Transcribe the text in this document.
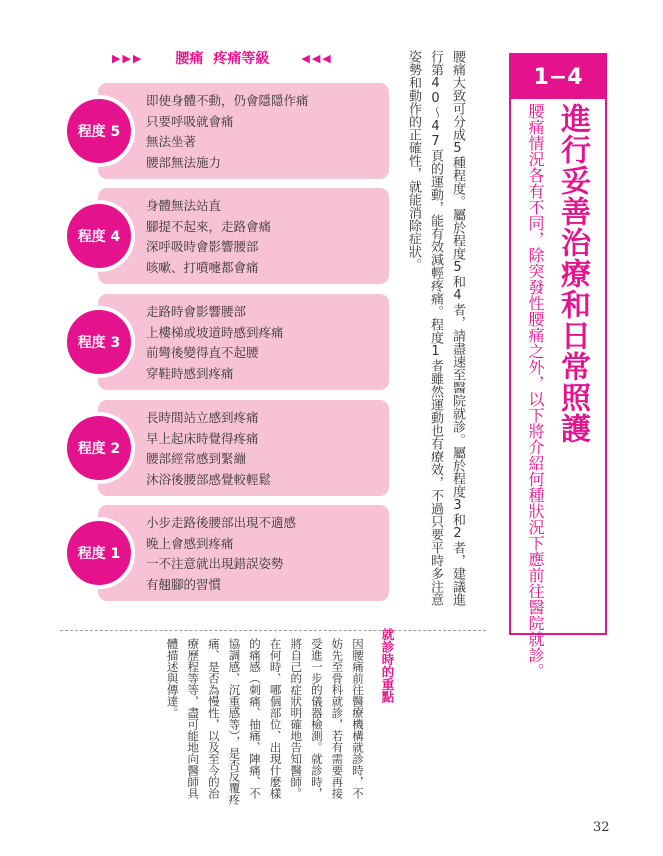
▶▶▶ 腰痛 疼痛等級	◀◀◀
程度 5
即使身體不動，仍會隱隱作痛
只要呼吸就會痛
無法坐著
腰部無法施力
程度 4
身體無法站直
腳提不起來，走路會痛
深呼吸時會影響腰部
咳嗽、打噴嚏都會痛
程度 3
走路時會影響腰部
上樓梯或坡道時感到疼痛
前彎後變得直不起腰
穿鞋時感到疼痛
程度 2
長時間站立感到疼痛
早上起床時覺得疼痛
腰部經常感到緊繃
沐浴後腰部感覺較輕鬆
程度 1
小步走路後腰部出現不適感
晚上會感到疼痛
一不注意就出現錯誤姿勢
有翹腳的習慣
1−4
進行妥善治療和日常照護
腰痛情況各有不同，除突發性腰痛之外，以下將介紹何種狀況下應前往醫院就診。

腰痛大致可分成5種程度。屬於程度5和4者，請盡速至醫院就診。屬於程度3和2者，建議進行第40～47頁的運動，能有效減輕疼痛。程度1者雖然運動也有療效，不過只要平時多注意姿勢和動作的正確性，就能消除症狀。

就診時的重點
因腰痛前往醫療機構就診時，不妨先至骨科就診，若有需要再接受進一步的儀器檢測。就診時，將自己的症狀明確地告知醫師。在何時、哪個部位、出現什麼樣的痛感（刺痛、抽痛、陣痛、不協調感、沉重感等），是否反覆疼痛、是否為慢性，以及至今的治療歷程等等，盡可能地向醫師具體描述與傳達。
32
